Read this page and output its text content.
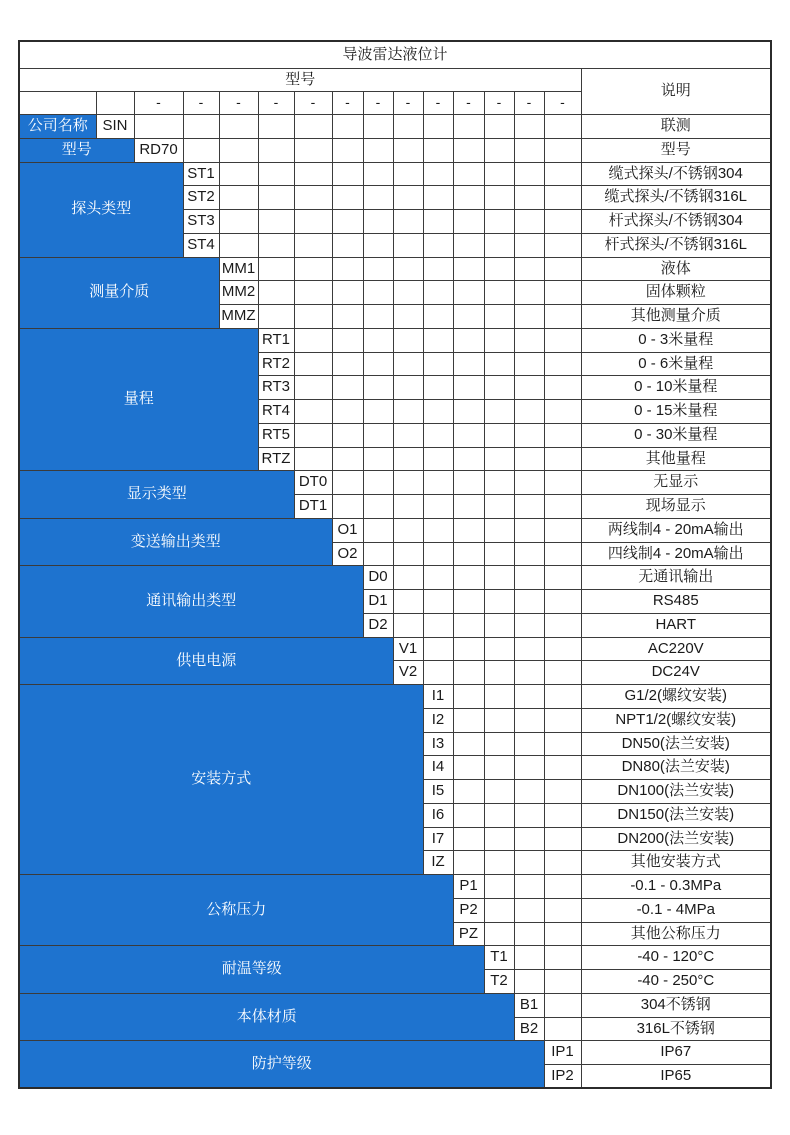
导波雷达液位计															
型号															说明
		-	-	-	-	-	-	-	-	-	-	-	-	-	
公司名称	SIN														联测
型号		RD70													型号
探头类型			ST1												缆式探头/不锈钢304
			ST2												缆式探头/不锈钢316L
			ST3												杆式探头/不锈钢304
			ST4												杆式探头/不锈钢316L
测量介质				MM1											液体
				MM2											固体颗粒
				MMZ											其他测量介质
量程					RT1										0 - 3米量程
					RT2										0 - 6米量程
					RT3										0 - 10米量程
					RT4										0 - 15米量程
					RT5										0 - 30米量程
					RTZ										其他量程
显示类型						DT0									无显示
						DT1									现场显示
变送输出类型							O1								两线制4 - 20mA输出
							O2								四线制4 - 20mA输出
通讯输出类型								D0							无通讯输出
								D1							RS485
								D2							HART
供电电源									V1						AC220V
									V2						DC24V
安装方式										I1					G1/2(螺纹安装)
										I2					NPT1/2(螺纹安装)
										I3					DN50(法兰安装)
										I4					DN80(法兰安装)
										I5					DN100(法兰安装)
										I6					DN150(法兰安装)
										I7					DN200(法兰安装)
										IZ					其他安装方式
公称压力											P1				-0.1 - 0.3MPa
											P2				-0.1 - 4MPa
											PZ				其他公称压力
耐温等级												T1			-40 - 120°C
												T2			-40 - 250°C
本体材质													B1		304不锈钢
													B2		316L不锈钢
防护等级														IP1	IP67
														IP2	IP65
